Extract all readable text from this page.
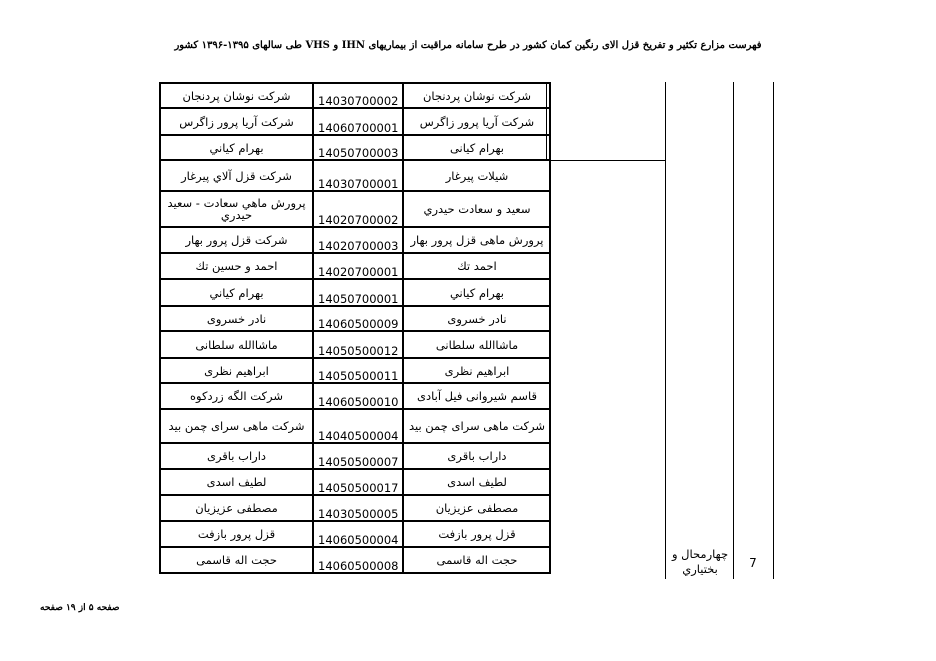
فهرست مزارع تکثیر و تفریخ قزل الای رنگین کمان کشور در طرح سامانه مراقبت از بیماریهای IHN و VHS طی سالهای ۱۳۹۵-۱۳۹۶ کشور
شرکت نوشان پردنجان	14030700002	شرکت نوشان پردنجان
شرکت آریا پرور زاگرس	14060700001	شرکت آریا پرور زاگرس
بهرام کیاني	14050700003	بهرام کیانی
شرکت قزل آلاي پیرغار	14030700001	شیلات پیرغار
پرورش ماهي سعادت - سعید حیدري	14020700002	سعید و سعادت حیدري
شرکت قزل پرور بهار	14020700003	پرورش ماهی قزل پرور بهار
احمد و حسین تك	14020700001	احمد تك
بهرام کیاني	14050700001	بهرام کیاني
نادر خسروی	14060500009	نادر خسروی
ماشاالله سلطانی	14050500012	ماشاالله سلطانی
ابراهیم نظری	14050500011	ابراهیم نظری
شرکت الگه زردکوه	14060500010	قاسم شیروانی فیل آبادی
شرکت ماهی سرای چمن بید	14040500004	شرکت ماهی سرای چمن بید
داراب باقری	14050500007	داراب باقری
لطیف اسدی	14050500017	لطیف اسدی
مصطفی عزیزیان	14030500005	مصطفی عزیزیان
قزل پرور بازفت	14060500004	قزل پرور بازفت
حجت اله قاسمی	14060500008	حجت اله قاسمی	چهارمحال و بختیاري	7
صفحه ۵ از ۱۹ صفحه
